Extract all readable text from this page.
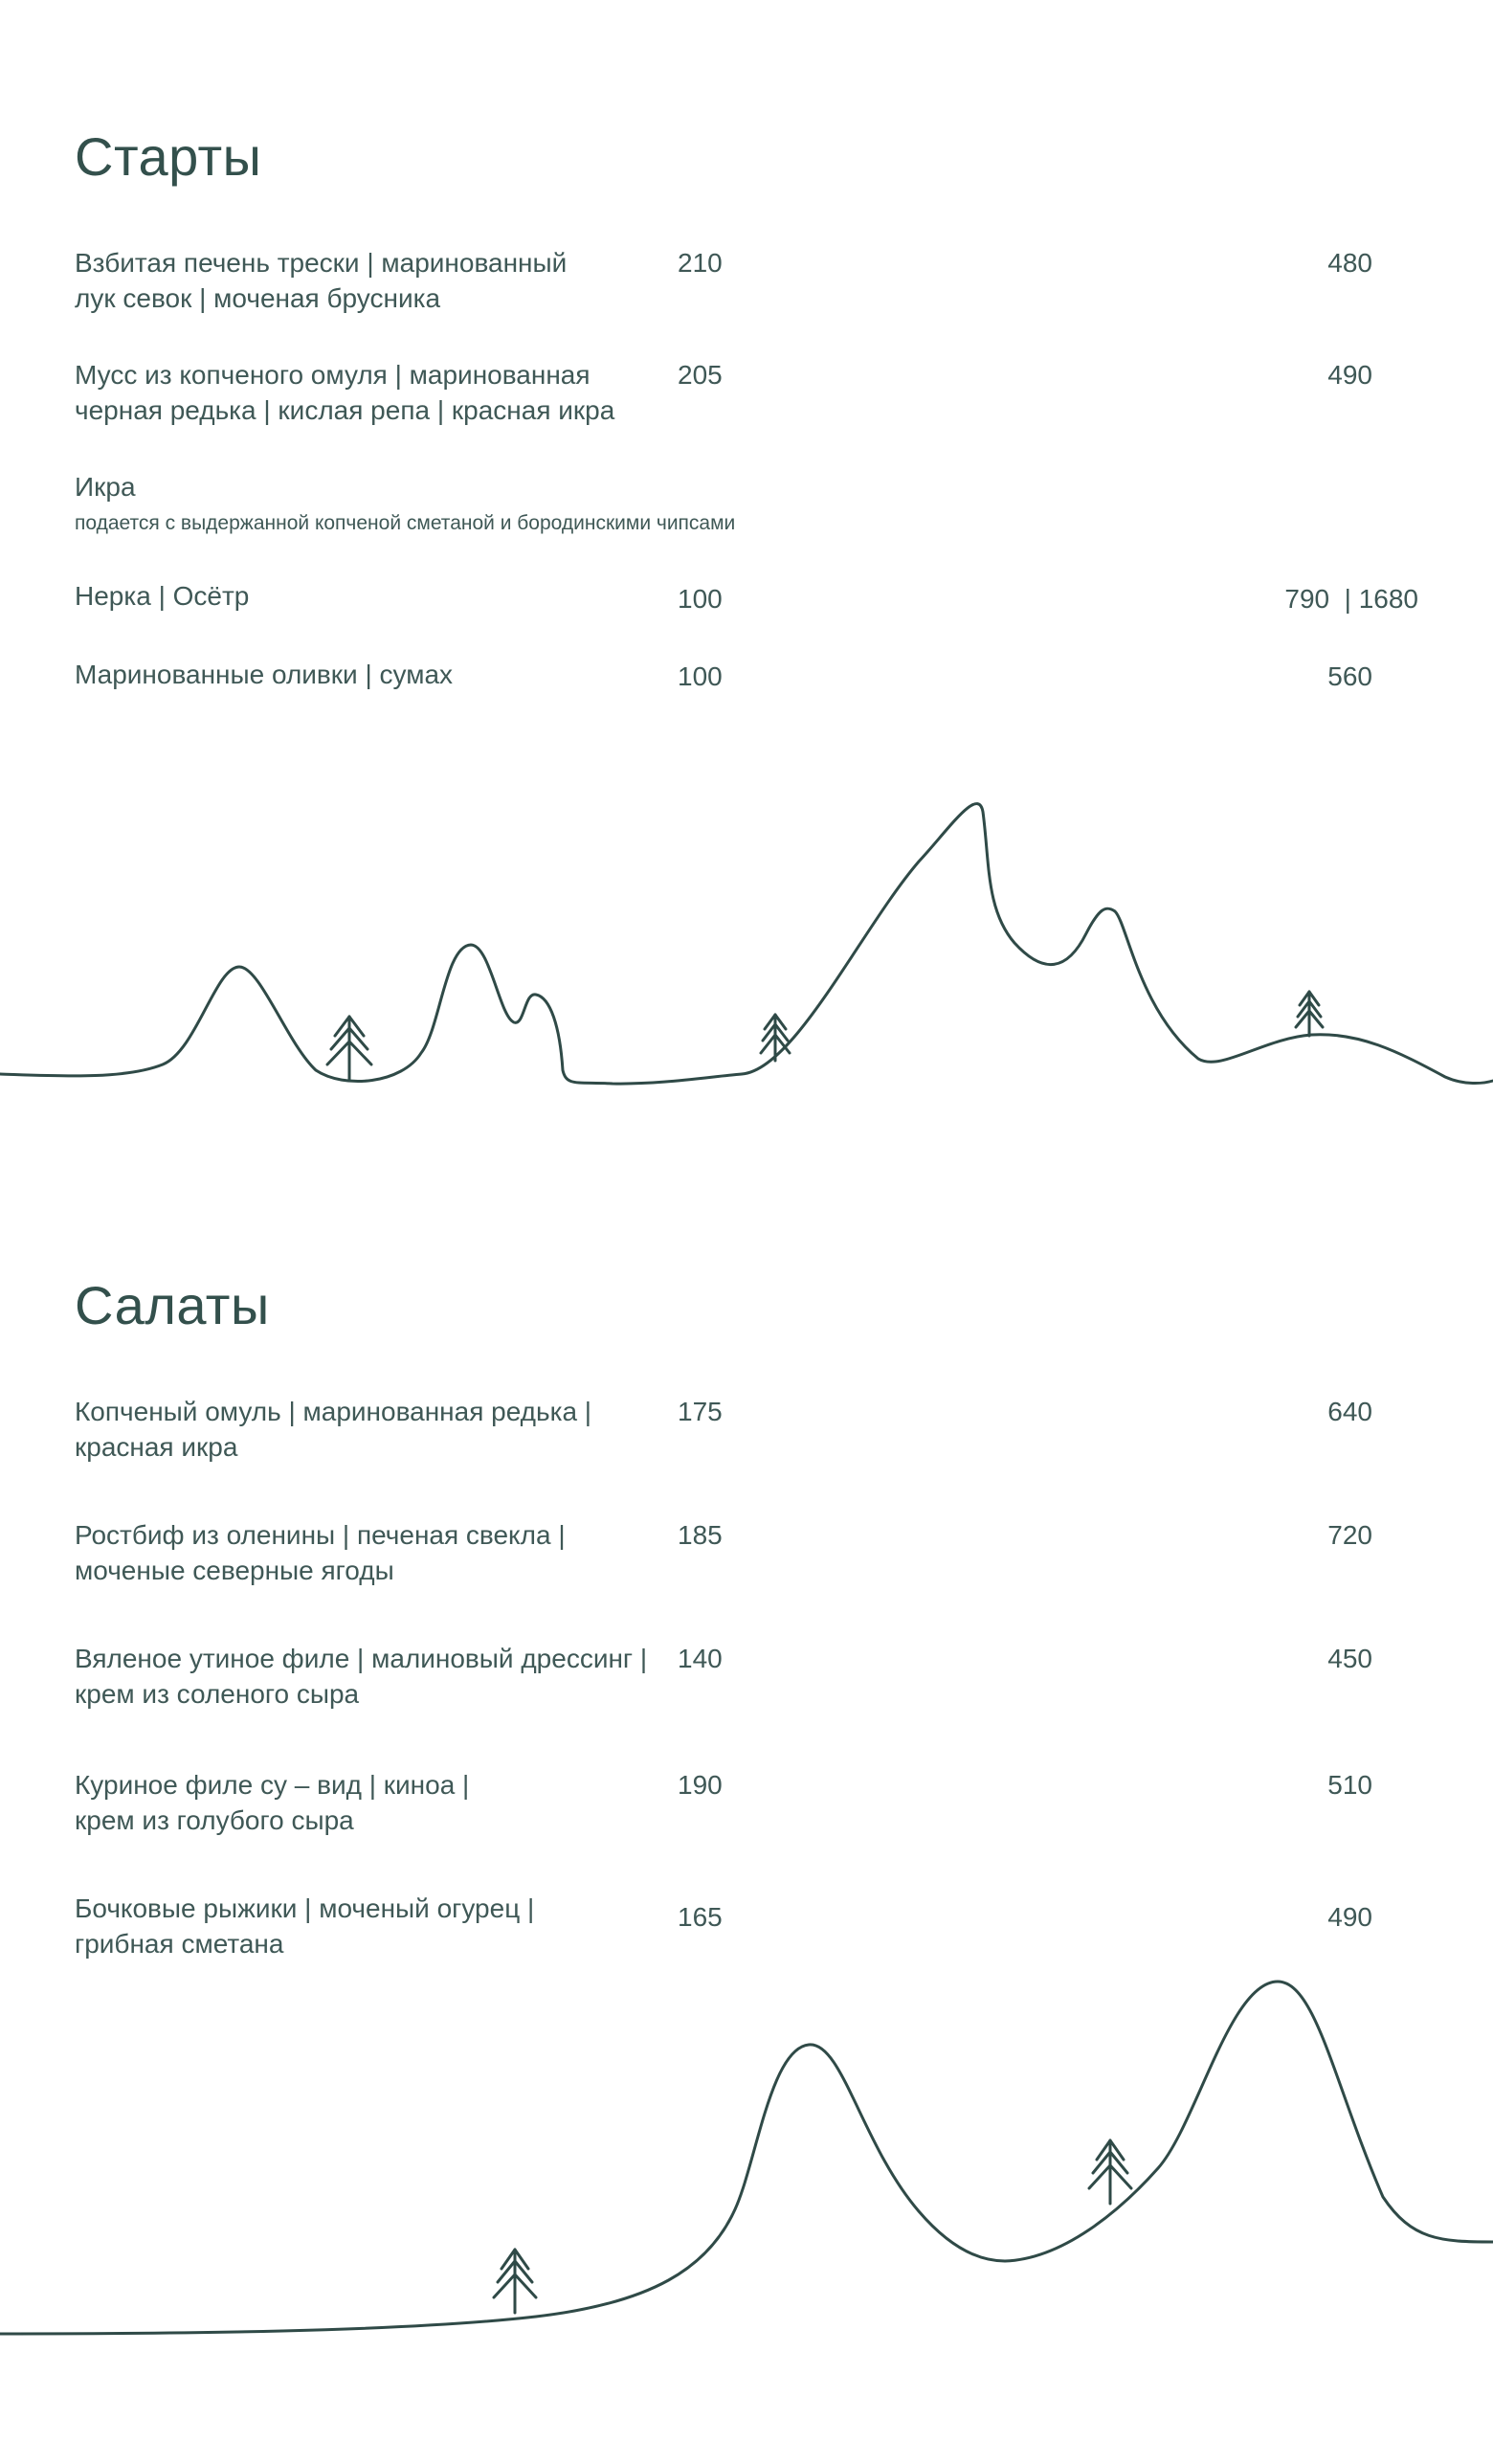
Старты
Взбитая печень трески | маринованный
лук севок | моченая брусника
210	480
Мусс из копченого омуля | маринованная
черная редька | кислая репа | красная икра
205	490
Икра
подается с выдержанной копченой сметаной и бородинскими чипсами
Нерка | Осётр	100	790  | 1680
Маринованные оливки | сумах	100	560
Салаты
Копченый омуль | маринованная редька |
красная икра
175	640
Ростбиф из оленины | печеная свекла |
моченые северные ягоды
185	720
Вяленое утиное филе | малиновый дрессинг |
крем из соленого сыра
140	450
Куриное филе су – вид | киноа |
крем из голубого сыра
190	510
Бочковые рыжики | моченый огурец |
грибная сметана
165	490
